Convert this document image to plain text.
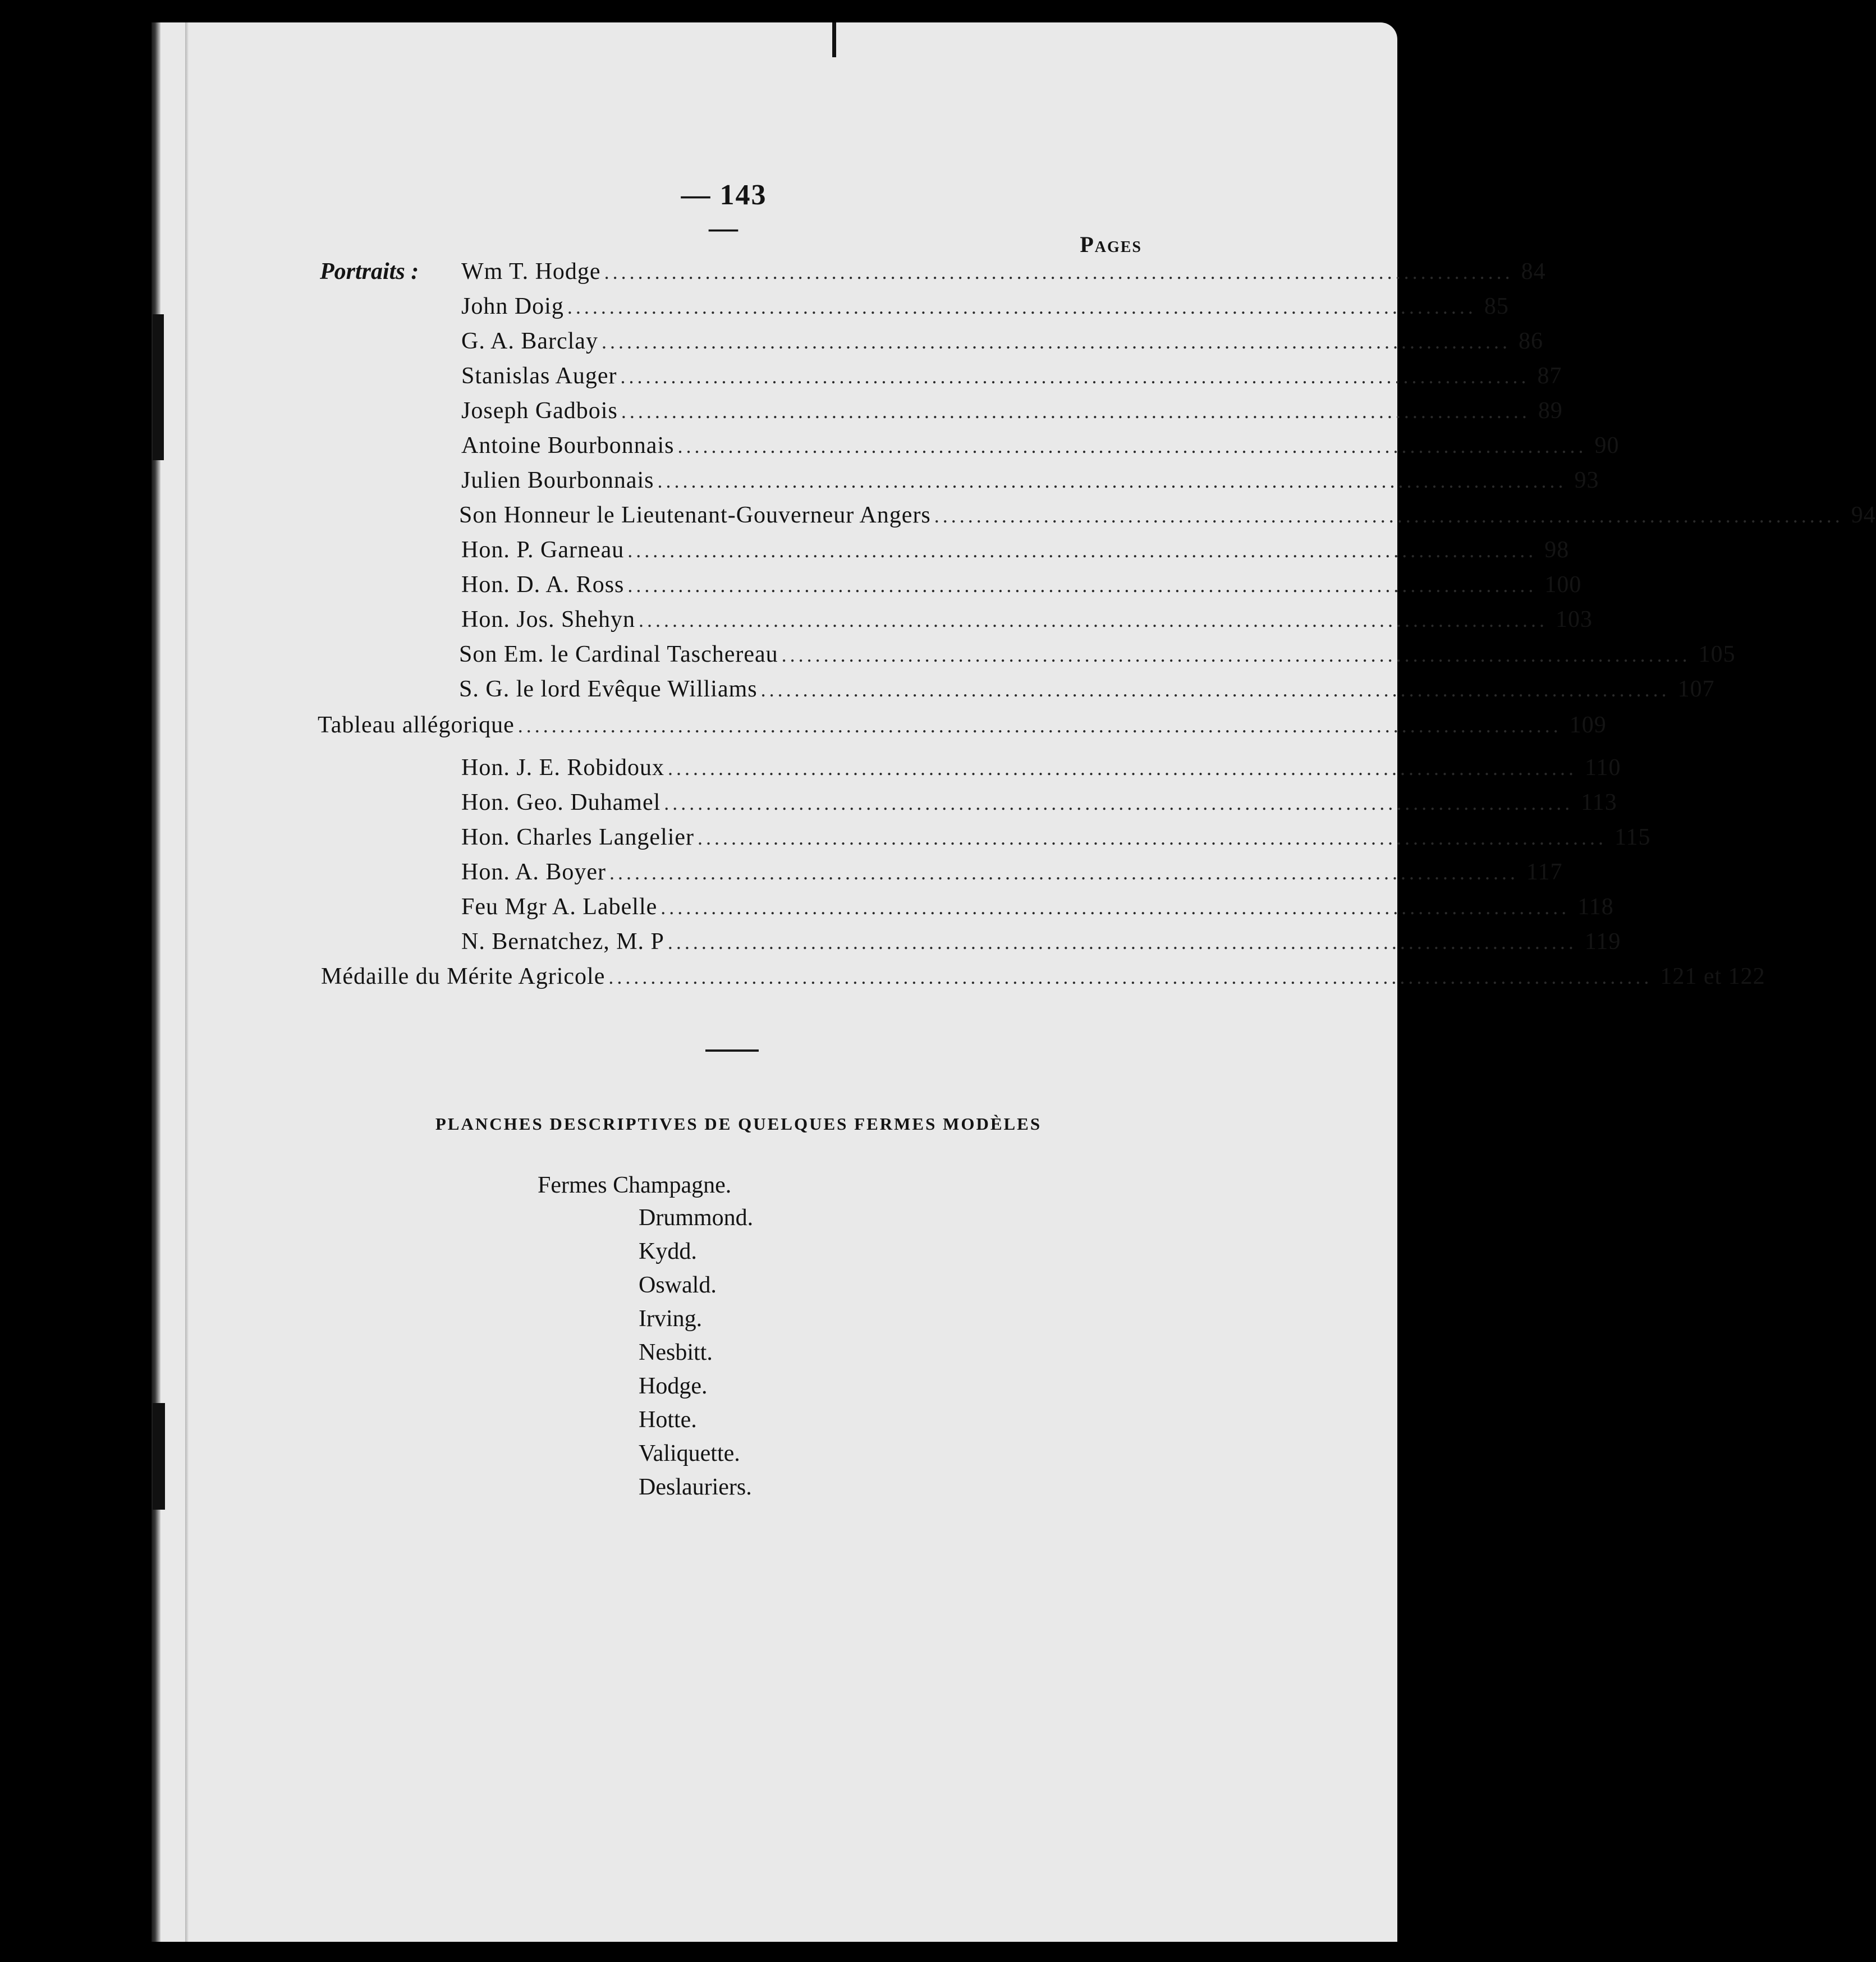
— 143 —
Pages
Portraits : Wm T. Hodge ............................................................................................................ 84
John Doig ............................................................................................................ 85
G. A. Barclay ............................................................................................................ 86
Stanislas Auger ............................................................................................................ 87
Joseph Gadbois ............................................................................................................ 89
Antoine Bourbonnais ............................................................................................................ 90
Julien Bourbonnais ............................................................................................................ 93
Son Honneur le Lieutenant-Gouverneur Angers ............................................................................................................ 94
Hon. P. Garneau ............................................................................................................ 98
Hon. D. A. Ross ............................................................................................................ 100
Hon. Jos. Shehyn ............................................................................................................ 103
Son Em. le Cardinal Taschereau ............................................................................................................ 105
S. G. le lord Evêque Williams ............................................................................................................ 107
Tableau allégorique ............................................................................................................................ 109
Hon. J. E. Robidoux ............................................................................................................ 110
Hon. Geo. Duhamel ............................................................................................................ 113
Hon. Charles Langelier ............................................................................................................ 115
Hon. A. Boyer ............................................................................................................ 117
Feu Mgr A. Labelle ............................................................................................................ 118
N. Bernatchez, M. P ............................................................................................................ 119
Médaille du Mérite Agricole ............................................................................................................................ 121 et 122
PLANCHES DESCRIPTIVES DE QUELQUES FERMES MODÈLES
Fermes Champagne.
Drummond.
Kydd.
Oswald.
Irving.
Nesbitt.
Hodge.
Hotte.
Valiquette.
Deslauriers.
